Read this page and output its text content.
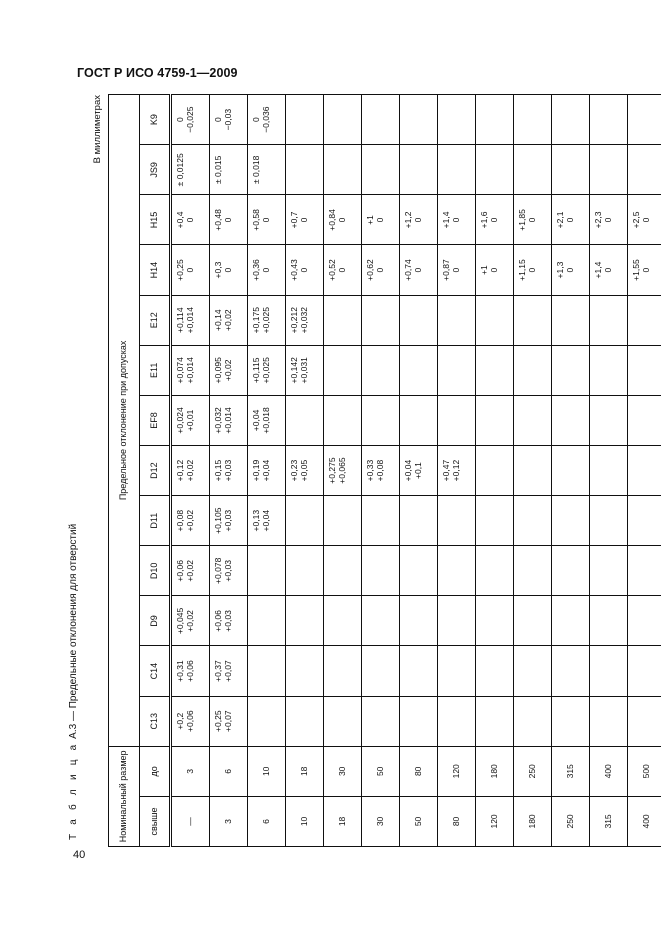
ГОСТ Р ИСО 4759-1—2009
40
Т а б л и ц а А.3 — Предельные отклонения для отверстий
В миллиметрах
Номинальный размер		Предельное отклонение при допусках												
свыше	до	C13	C14	D9	D10	D11	D12	EF8	E11	E12	H14	H15	JS9	K9

—	3	+0,2 +0,06	+0,31 +0,06	+0,045 +0,02	+0,06 +0,02	+0,08 +0,02	+0,12 +0,02	+0,024 +0,01	+0,074 +0,014	+0,114 +0,014	+0,25 0	+0,4 0	± 0,0125	0 −0,025

3	6	+0,25 +0,07	+0,37 +0,07	+0,06 +0,03	+0,078 +0,03	+0,105 +0,03	+0,15 +0,03	+0,032 +0,014	+0,095 +0,02	+0,14 +0,02	+0,3 0	+0,48 0	± 0,015	0 −0,03

6	10					+0,13 +0,04	+0,19 +0,04	+0,04 +0,018	+0,115 +0,025	+0,175 +0,025	+0,36 0	+0,58 0	± 0,018	0 −0,036

10	18						+0,23 +0,05		+0,142 +0,031	+0,212 +0,032	+0,43 0	+0,7 0		

18	30						+0,275 +0,065				+0,52 0	+0,84 0		

30	50						+0,33 +0,08				+0,62 0	+1 0		

50	80						+0,04 +0,1				+0,74 0	+1,2 0		

80	120						+0,47 +0,12				+0,87 0	+1,4 0		

120	180										+1 0	+1,6 0		

180	250										+1,15 0	+1,85 0		

250	315										+1,3 0	+2,1 0		

315	400										+1,4 0	+2,3 0		

400	500										+1,55 0	+2,5 0		
